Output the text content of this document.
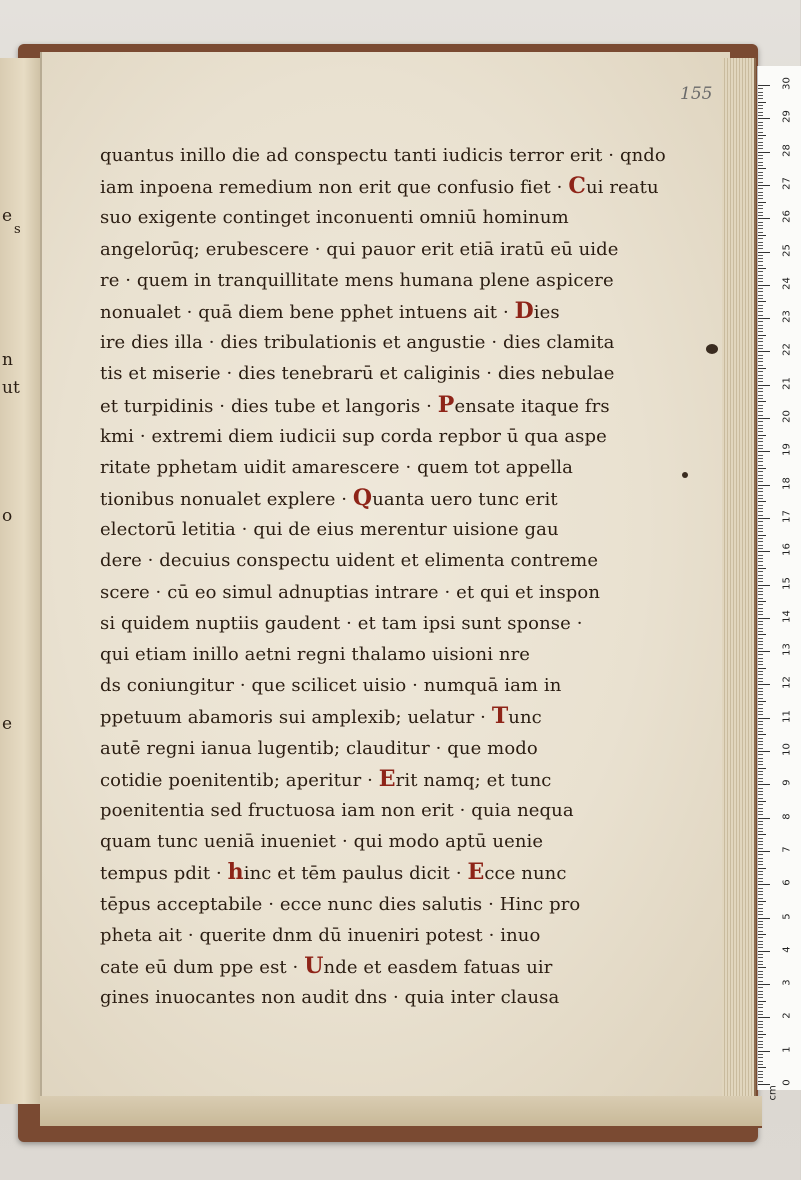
e
s
n
ut
o
e
155
quantus inillo die ad conspectu tanti iudicis terror erit · qndo
iam inpoena remedium non erit que confusio fiet · Cui reatu
suo exigente continget inconuenti omniū hominum
angelorūq; erubescere · qui pauor erit etiā iratū eū uide
re · quem in tranquillitate mens humana plene aspicere
nonualet · quā diem bene pphet intuens ait · Dies
ire dies illa · dies tribulationis et angustie · dies clamita
tis et miserie · dies tenebrarū et caliginis · dies nebulae
et turpidinis · dies tube et langoris · Pensate itaque frs
kmi · extremi diem iudicii sup corda repbor ū qua aspe
ritate pphetam uidit amarescere · quem tot appella
tionibus nonualet explere · Quanta uero tunc erit
electorū letitia · qui de eius merentur uisione gau
dere · decuius conspectu uident et elimenta contreme
scere · cū eo simul adnuptias intrare · et qui et inspon
si quidem nuptiis gaudent · et tam ipsi sunt sponse ·
qui etiam inillo aetni regni thalamo uisioni nre
ds coniungitur · que scilicet uisio · numquā iam in
ppetuum abamoris sui amplexib; uelatur · Tunc
autē regni ianua lugentib; clauditur · que modo
cotidie poenitentib; aperitur · Erit namq; et tunc
poenitentia sed fructuosa iam non erit · quia nequa
quam tunc ueniā inueniet · qui modo aptū uenie
tempus pdit · hinc et tēm paulus dicit · Ecce nunc
tēpus acceptabile · ecce nunc dies salutis · Hinc pro
pheta ait · querite dnm dū inueniri potest · inuo
cate eū dum ppe est · Unde et easdem fatuas uir
gines inuocantes non audit dns · quia inter clausa
0
1
2
3
4
5
6
7
8
9
10
11
12
13
14
15
16
17
18
19
20
21
22
23
24
25
26
27
28
29
30
cm
